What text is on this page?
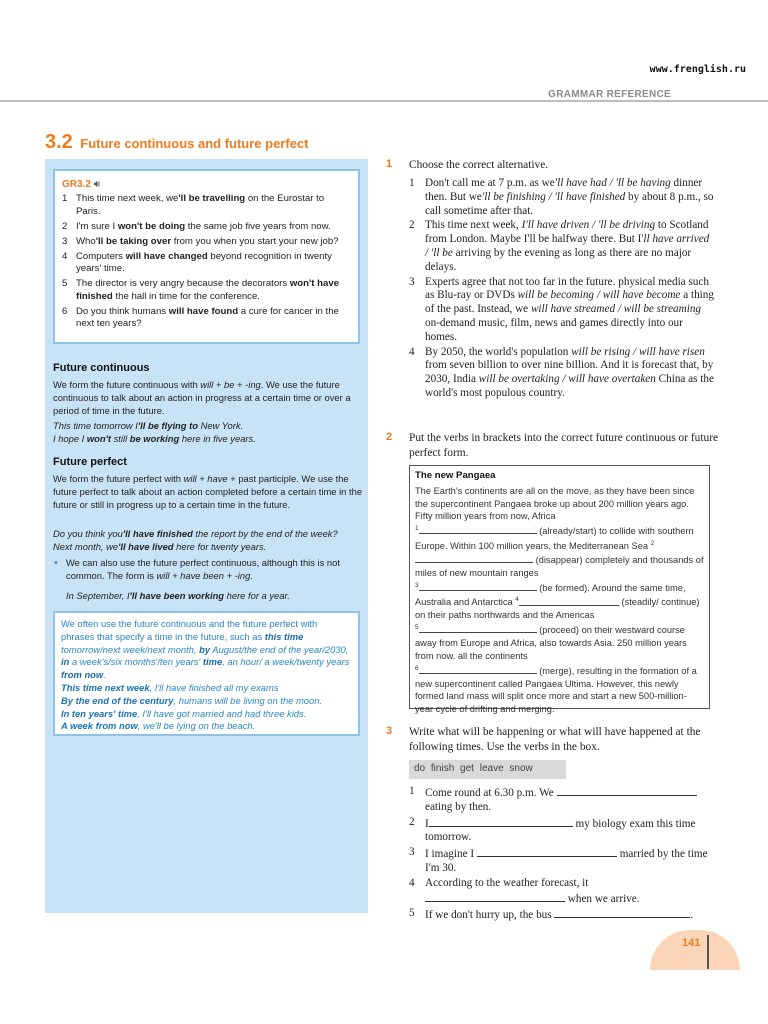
www.frenglish.ru
GRAMMAR REFERENCE
3.2 Future continuous and future perfect
GR3.2 🔊︎
1 This time next week, we'll be travelling on the Eurostar to Paris.
2 I'm sure I won't be doing the same job five years from now.
3 Who'll be taking over from you when you start your new job?
4 Computers will have changed beyond recognition in twenty years' time.
5 The director is very angry because the decorators won't have finished the hall in time for the conference.
6 Do you think humans will have found a cure for cancer in the next ten years?
Future continuous
We form the future continuous with will + be + -ing. We use the future continuous to talk about an action in progress at a certain time or over a period of time in the future.
This time tomorrow I'll be flying to New York.
I hope I won't still be working here in five years.
Future perfect
We form the future perfect with will + have + past participle. We use the future perfect to talk about an action completed before a certain time in the future or still in progress up to a certain time in the future.
Do you think you'll have finished the report by the end of the week?
Next month, we'll have lived here for twenty years.
• We can also use the future perfect continuous, although this is not common. The form is will + have been + -ing.
In September, I'll have been working here for a year.
We often use the future continuous and the future perfect with phrases that specify a time in the future, such as this time tomorrow/next week/next month, by August/the end of the year/2030, in a week's/six months'/ten years' time, an hour/ a week/twenty years from now.
This time next week, I'll have finished all my exams
By the end of the century, humans will be living on the moon.
In ten years' time, I'll have got married and had three kids.
A week from now, we'll be lying on the beach.
1 Choose the correct alternative.
1 Don't call me at 7 p.m. as we'll have had / 'll be having dinner then. But we'll be finishing / 'll have finished by about 8 p.m., so call sometime after that.
2 This time next week, I'll have driven / 'll be driving to Scotland from London. Maybe I'll be halfway there. But I'll have arrived / 'll be arriving by the evening as long as there are no major delays.
3 Experts agree that not too far in the future. physical media such as Blu-ray or DVDs will be becoming / will have become a thing of the past. Instead, we will have streamed / will be streaming on-demand music, film, news and games directly into our homes.
4 By 2050, the world's population will be rising / will have risen from seven billion to over nine billion. And it is forecast that, by 2030, India will be overtaking / will have overtaken China as the world's most populous country.
2 Put the verbs in brackets into the correct future continuous or future perfect form.
The new Pangaea
The Earth's continents are all on the move, as they have been since the supercontinent Pangaea broke up about 200 million years ago. Fifty million years from now, Africa
$^1$	(already/start) to collide with southern Europe. Within 100 million years, the Mediterranean Sea $^2$ (disappear) completely and thousands of miles of new mountain ranges
$^3$	(be formed). Around the same time, Australia and Antarctica $^4$	(steadily/ continue) on their paths northwards and the Americas
$^5$	(proceed) on their westward course away from Europe and Africa, also towards Asia. 250 million years from now. all the continents
$^6$	(merge), resulting in the formation of a new supercontinent called Pangaea Ultima. However, this newly formed land mass will split once more and start a new 500-million-year cycle of drifting and merging.
3 Write what will be happening or what will have happened at the following times. Use the verbs in the box.
do finish get leave snow
1 Come round at 6.30 p.m. We
eating by then.
2 I	my biology exam this time tomorrow.
3 I imagine I	married by the time I'm 30.
4 According to the weather forecast, it
when we arrive.
5 If we don't hurry up, the bus	.
141
